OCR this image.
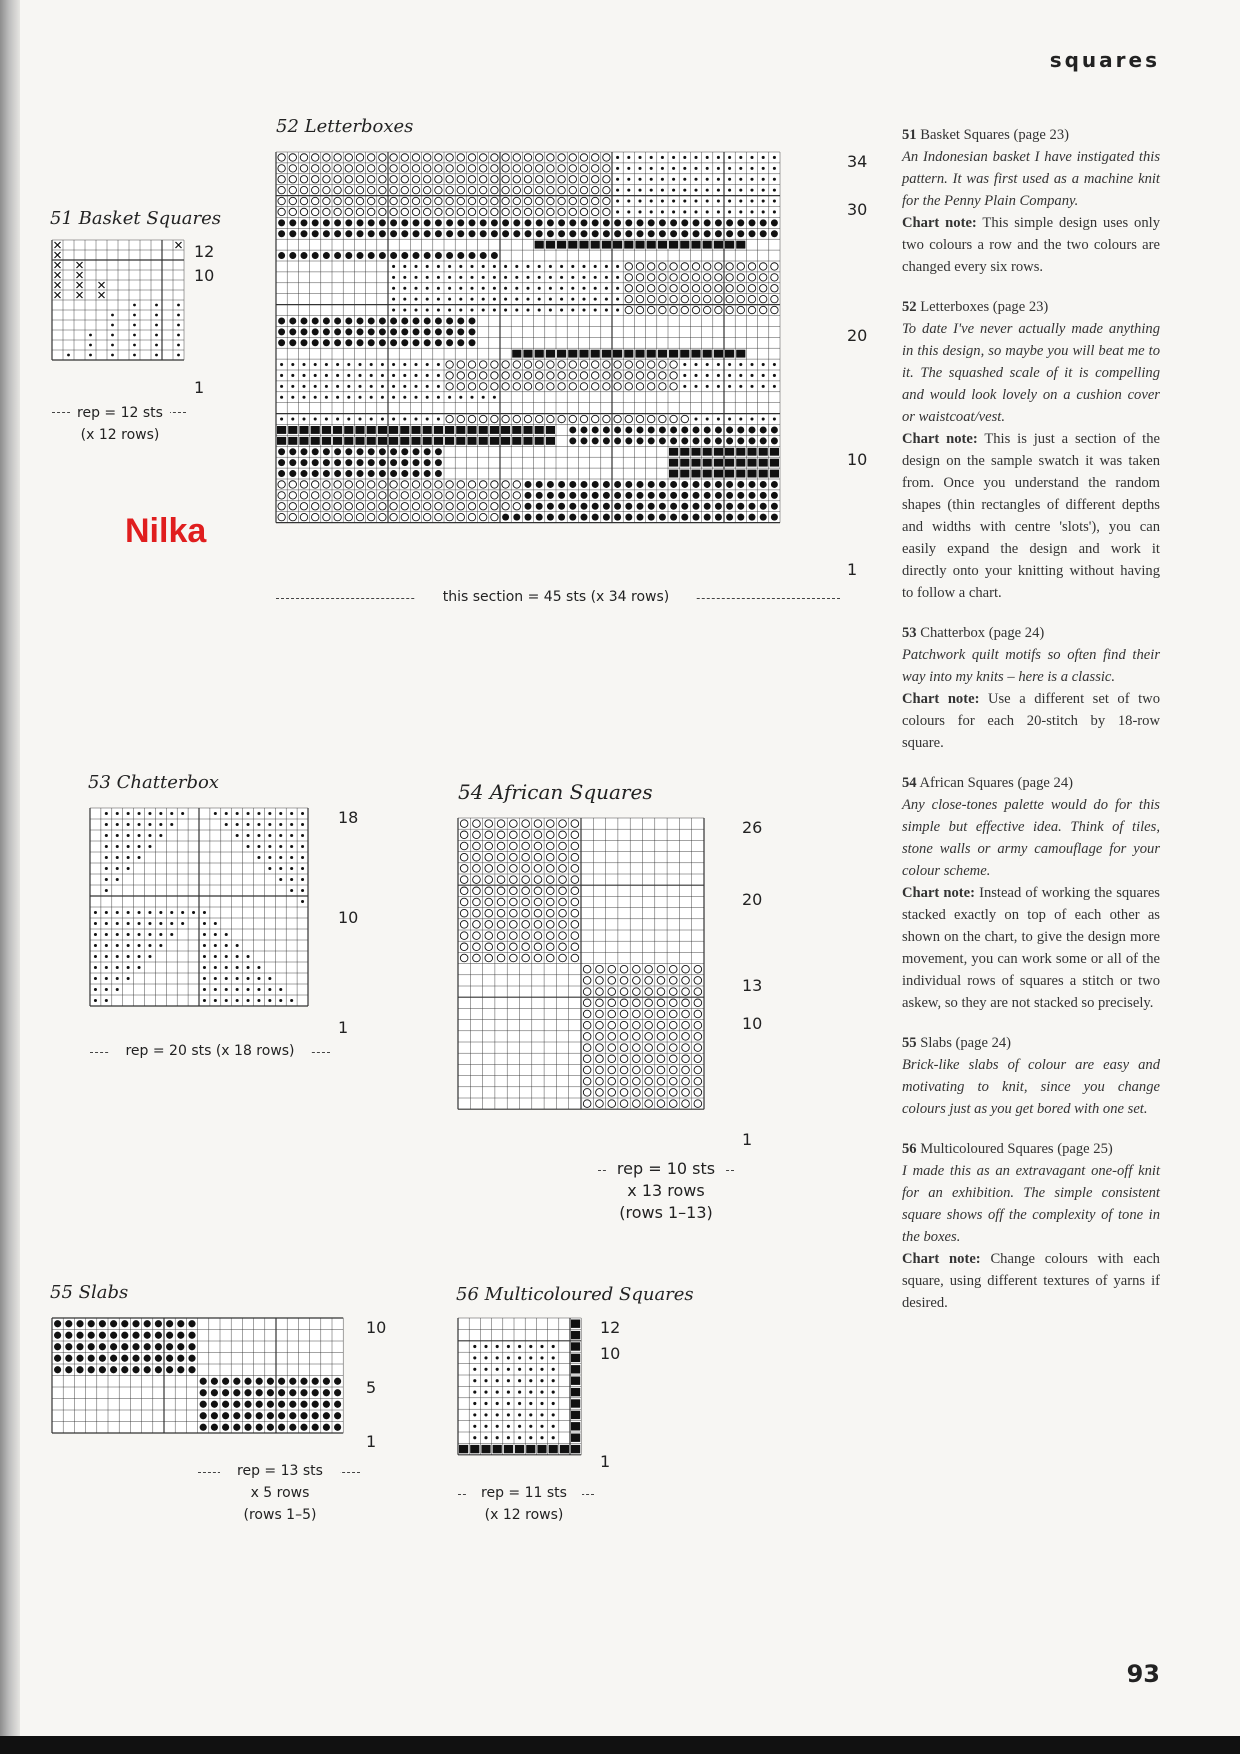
squares
Nilka
51 Basket Squares
12
10
1
rep = 12 sts
(x 12 rows)
52 Letterboxes
34
30
20
10
1
this section = 45 sts (x 34 rows)
53 Chatterbox
18
10
1
rep = 20 sts (x 18 rows)
54 African Squares
26
20
13
10
1
rep = 10 sts
x 13 rows
(rows 1–13)
55 Slabs
10
5
1
rep = 13 sts
x 5 rows
(rows 1–5)
56 Multicoloured Squares
12
10
1
rep = 11 sts
(x 12 rows)
51 Basket Squares (page 23)
An Indonesian basket I have instigated this pattern. It was first used as a machine knit for the Penny Plain Company.
Chart note: This simple design uses only two colours a row and the two colours are changed every six rows.
52 Letterboxes (page 23)
To date I've never actually made anything in this design, so maybe you will beat me to it. The squashed scale of it is compelling and would look lovely on a cushion cover or waistcoat/vest.
Chart note: This is just a section of the design on the sample swatch it was taken from. Once you understand the random shapes (thin rectangles of different depths and widths with centre 'slots'), you can easily expand the design and work it directly onto your knitting without having to follow a chart.
53 Chatterbox (page 24)
Patchwork quilt motifs so often find their way into my knits – here is a classic.
Chart note: Use a different set of two colours for each 20-stitch by 18-row square.
54 African Squares (page 24)
Any close-tones palette would do for this simple but effective idea. Think of tiles, stone walls or army camouflage for your colour scheme.
Chart note: Instead of working the squares stacked exactly on top of each other as shown on the chart, to give the design more movement, you can work some or all of the individual rows of squares a stitch or two askew, so they are not stacked so precisely.
55 Slabs (page 24)
Brick-like slabs of colour are easy and motivating to knit, since you change colours just as you get bored with one set.
56 Multicoloured Squares (page 25)
I made this as an extravagant one-off knit for an exhibition. The simple consistent square shows off the complexity of tone in the boxes.
Chart note: Change colours with each square, using different textures of yarns if desired.
93
